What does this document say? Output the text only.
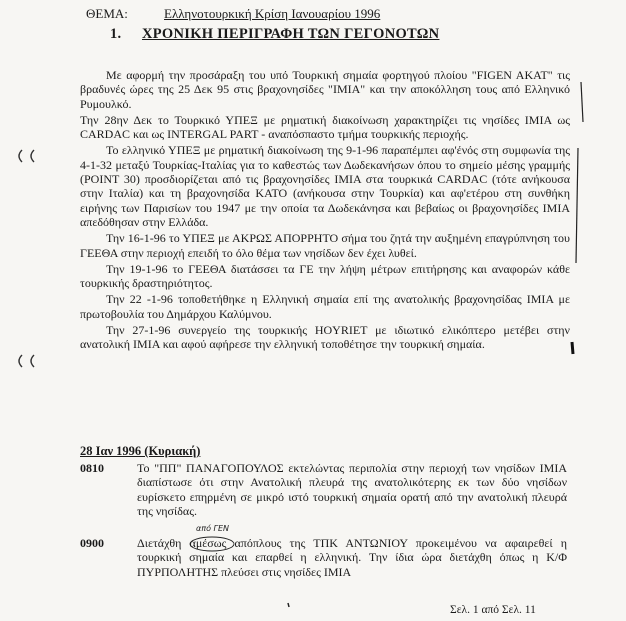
ΘΕΜΑ:	Ελληνοτουρκική Κρίση Ιανουαρίου 1996
1. ΧΡΟΝΙΚΗ ΠΕΡΙΓΡΑΦΗ ΤΩΝ ΓΕΓΟΝΟΤΩΝ

Με αφορμή την προσάραξη του υπό Τουρκική σημαία φορτηγού πλοίου "FIGEN AKAT" τις βραδυνές ώρες της 25 Δεκ 95 στις βραχονησίδες "ΙΜΙΑ" και την αποκόλληση τους από Ελληνικό Ρυμουλκό.

Την 28ην Δεκ το Τουρκικό ΥΠΕΞ με ρηματική διακοίνωση χαρακτηρίζει τις νησίδες ΙΜΙΑ ως CARDAC και ως INTERGAL PART - αναπόσπαστο τμήμα τουρκικής περιοχής.

Το ελληνικό ΥΠΕΞ με ρηματική διακοίνωση της 9-1-96 παραπέμπει αφ'ένός στη συμφωνία της 4-1-32 μεταξύ Τουρκίας-Ιταλίας για το καθεστώς των Δωδεκανήσων όπου το σημείο μέσης γραμμής (POINT 30) προσδιορίζεται από τις βραχονησίδες ΙΜΙΑ στα τουρκικά CARDAC (τότε ανήκουσα στην Ιταλία) και τη βραχονησίδα ΚΑΤΟ (ανήκουσα στην Τουρκία) και αφ'ετέρου στη συνθήκη ειρήνης των Παρισίων του 1947 με την οποία τα Δωδεκάνησα και βεβαίως οι βραχονησίδες ΙΜΙΑ απεδόθησαν στην Ελλάδα.

Την 16-1-96 το ΥΠΕΞ με ΑΚΡΩΣ ΑΠΟΡΡΗΤΟ σήμα του ζητά την αυξημένη επαγρύπνηση του ΓΕΕΘΑ στην περιοχή επειδή το όλο θέμα των νησίδων δεν έχει λυθεί.

Την 19-1-96 το ΓΕΕΘΑ διατάσσει τα ΓΕ την λήψη μέτρων επιτήρησης και αναφορών κάθε τουρκικής δραστηριότητος.

Την 22 -1-96 τοποθετήθηκε η Ελληνική σημαία επί της ανατολικής βραχονησίδας ΙΜΙΑ με πρωτοβουλία του Δημάρχου Καλύμνου.

Την 27-1-96 συνεργείο της τουρκικής HOYRIET με ιδιωτικό ελικόπτερο μετέβει στην ανατολική ΙΜΙΑ και αφού αφήρεσε την ελληνική τοποθέτησε την τουρκική σημαία.

28 Ιαν 1996 (Κυριακή)
0810	Το "ΠΠ" ΠΑΝΑΓΟΠΟΥΛΟΣ εκτελώντας περιπολία στην περιοχή των νησίδων ΙΜΙΑ διαπίστωσε ότι στην Ανατολική πλευρά της ανατολικότερης εκ των δύο νησίδων ευρίσκετο επηρμένη σε μικρό ιστό τουρκική σημαία ορατή από την ανατολική πλευρά της νησίδας.
0900	Διετάχθη αμέσως απόπλους της ΤΠΚ ΑΝΤΩΝΙΟΥ προκειμένου να αφαιρεθεί η τουρκική σημαία και επαρθεί η ελληνική. Την ίδια ώρα διετάχθη όπως η Κ/Φ ΠΥΡΠΟΛΗΤΗΣ πλεύσει στις νησίδες ΙΜΙΑ
από ΓΕΝ
Σελ. 1 από Σελ. 11
